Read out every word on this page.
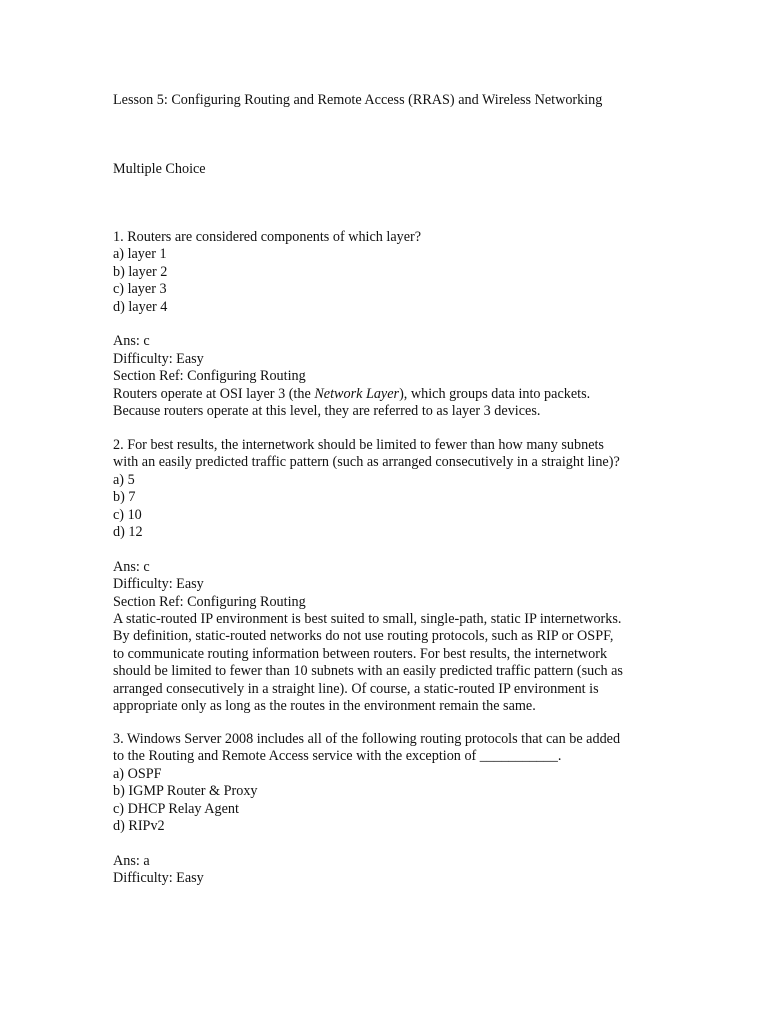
Lesson 5: Configuring Routing and Remote Access (RRAS) and Wireless Networking
Multiple Choice
1. Routers are considered components of which layer?
a) layer 1
b) layer 2
c) layer 3
d) layer 4
Ans: c
Difficulty: Easy
Section Ref: Configuring Routing
Routers operate at OSI layer 3 (the Network Layer), which groups data into packets.
Because routers operate at this level, they are referred to as layer 3 devices.
2. For best results, the internetwork should be limited to fewer than how many subnets
with an easily predicted traffic pattern (such as arranged consecutively in a straight line)?
a) 5
b) 7
c) 10
d) 12
Ans: c
Difficulty: Easy
Section Ref: Configuring Routing
A static-routed IP environment is best suited to small, single-path, static IP internetworks.
By definition, static-routed networks do not use routing protocols, such as RIP or OSPF,
to communicate routing information between routers. For best results, the internetwork
should be limited to fewer than 10 subnets with an easily predicted traffic pattern (such as
arranged consecutively in a straight line). Of course, a static-routed IP environment is
appropriate only as long as the routes in the environment remain the same.
3. Windows Server 2008 includes all of the following routing protocols that can be added
to the Routing and Remote Access service with the exception of ___________.
a) OSPF
b) IGMP Router & Proxy
c) DHCP Relay Agent
d) RIPv2
Ans: a
Difficulty: Easy
